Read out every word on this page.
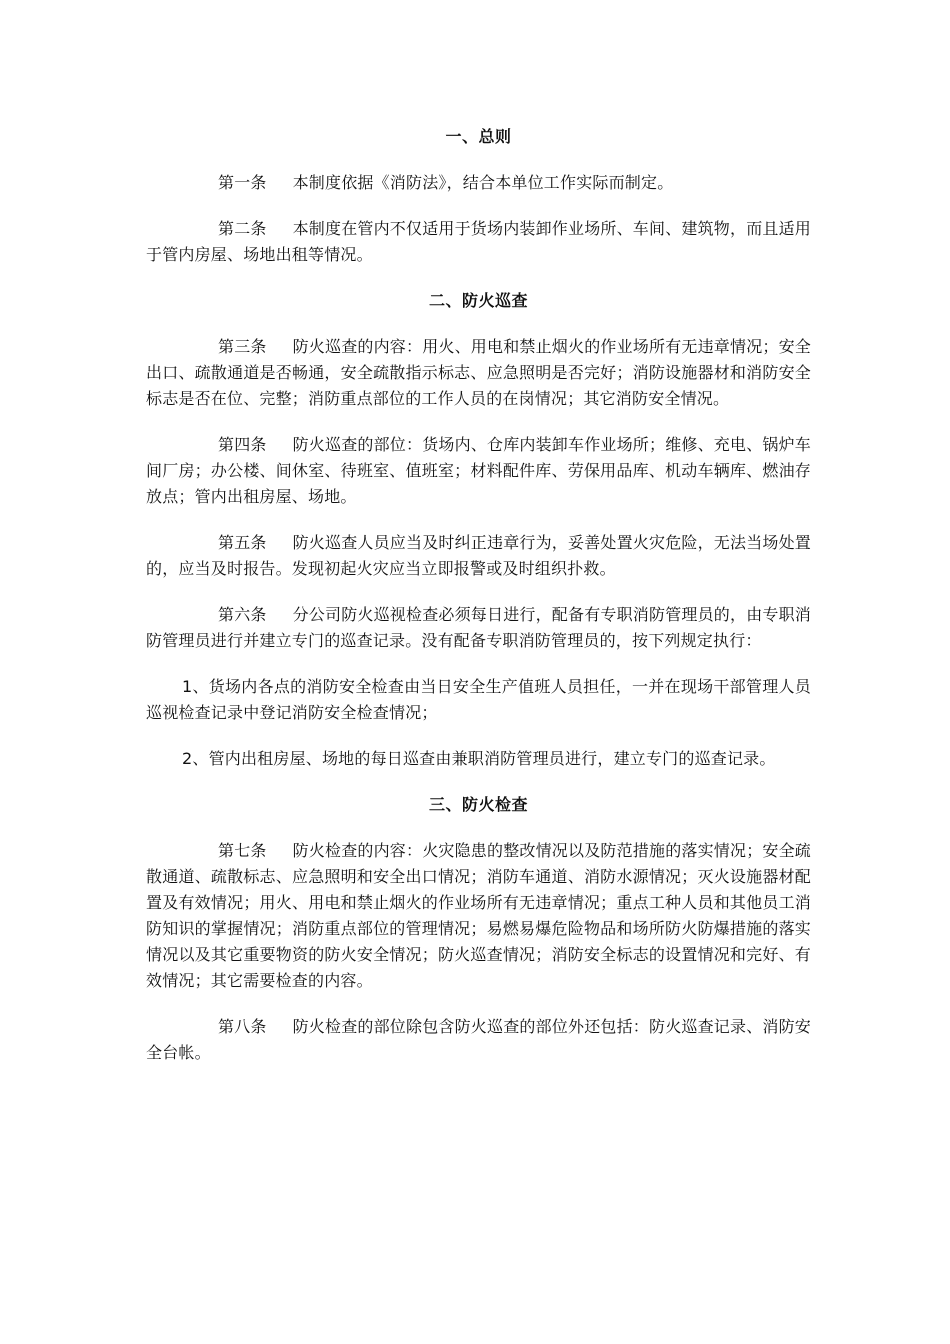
一、总则

第一条 本制度依据《消防法》，结合本单位工作实际而制定。

第二条 本制度在管内不仅适用于货场内装卸作业场所、车间、建筑物，而且适用于管内房屋、场地出租等情况。

二、防火巡查

第三条 防火巡查的内容：用火、用电和禁止烟火的作业场所有无违章情况；安全出口、疏散通道是否畅通，安全疏散指示标志、应急照明是否完好；消防设施器材和消防安全标志是否在位、完整；消防重点部位的工作人员的在岗情况；其它消防安全情况。

第四条 防火巡查的部位：货场内、仓库内装卸车作业场所；维修、充电、锅炉车间厂房；办公楼、间休室、待班室、值班室；材料配件库、劳保用品库、机动车辆库、燃油存放点；管内出租房屋、场地。

第五条 防火巡查人员应当及时纠正违章行为，妥善处置火灾危险，无法当场处置的，应当及时报告。发现初起火灾应当立即报警或及时组织扑救。

第六条 分公司防火巡视检查必须每日进行，配备有专职消防管理员的，由专职消防管理员进行并建立专门的巡查记录。没有配备专职消防管理员的，按下列规定执行：

1、货场内各点的消防安全检查由当日安全生产值班人员担任，一并在现场干部管理人员巡视检查记录中登记消防安全检查情况；

2、管内出租房屋、场地的每日巡查由兼职消防管理员进行，建立专门的巡查记录。

三、防火检查

第七条 防火检查的内容：火灾隐患的整改情况以及防范措施的落实情况；安全疏散通道、疏散标志、应急照明和安全出口情况；消防车通道、消防水源情况；灭火设施器材配置及有效情况；用火、用电和禁止烟火的作业场所有无违章情况；重点工种人员和其他员工消防知识的掌握情况；消防重点部位的管理情况；易燃易爆危险物品和场所防火防爆措施的落实情况以及其它重要物资的防火安全情况；防火巡查情况；消防安全标志的设置情况和完好、有效情况；其它需要检查的内容。

第八条 防火检查的部位除包含防火巡查的部位外还包括：防火巡查记录、消防安全台帐。
